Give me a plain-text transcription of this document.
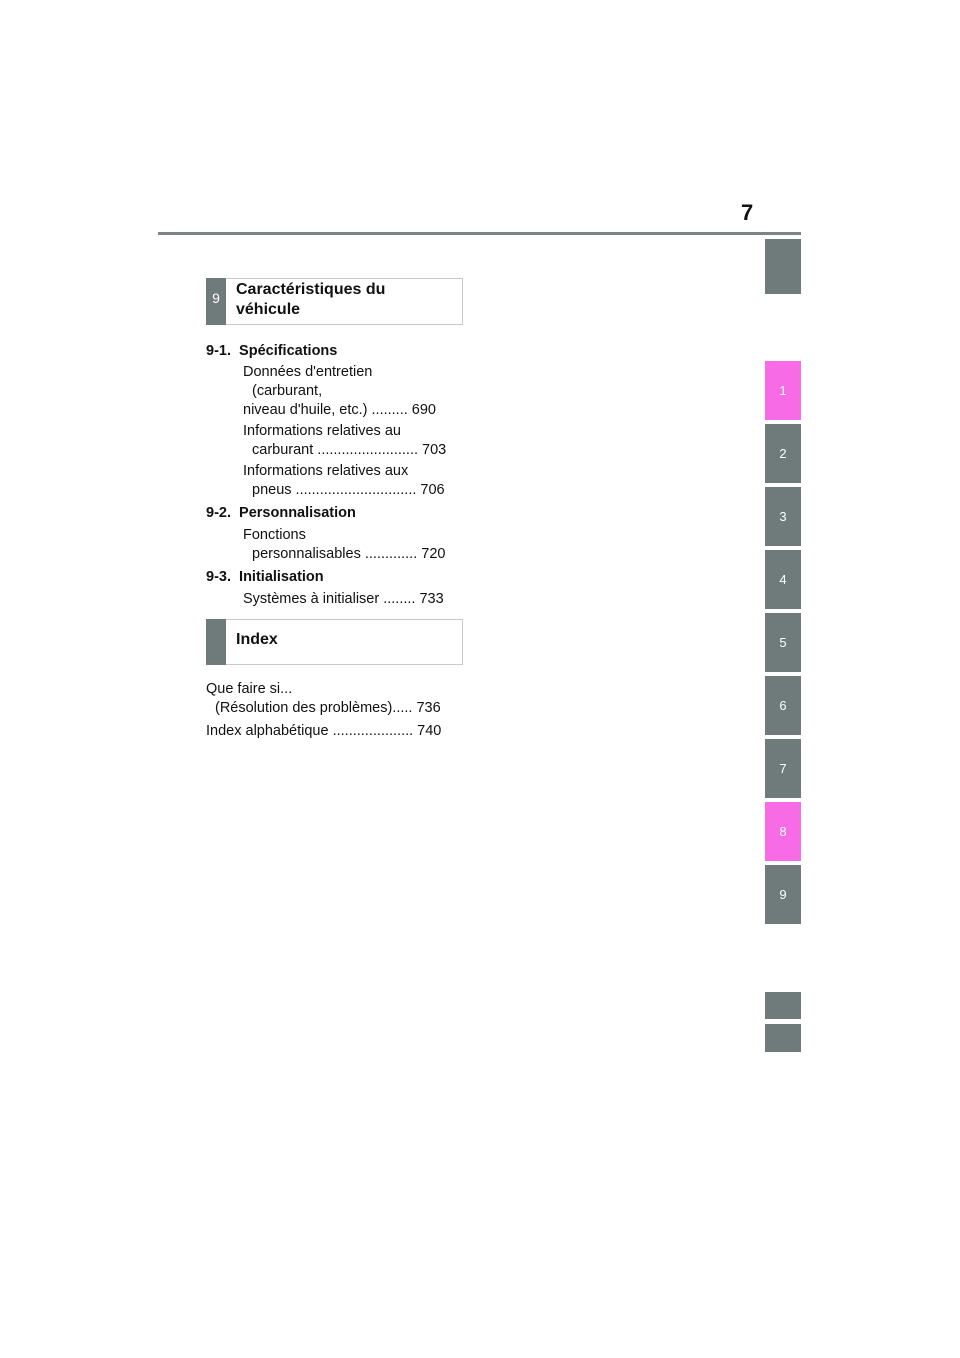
7
1
2
3
4
5
6
7
8
9
9	Caractéristiques du
véhicule
9-1.  Spécifications
Données d'entretien
(carburant,
niveau d'huile, etc.) ......... 690
Informations relatives au
carburant ......................... 703
Informations relatives aux
pneus .............................. 706
9-2.  Personnalisation
Fonctions
personnalisables ............. 720
9-3.  Initialisation
Systèmes à initialiser ........ 733
Index
Que faire si...
(Résolution des problèmes)..... 736
Index alphabétique .................... 740
